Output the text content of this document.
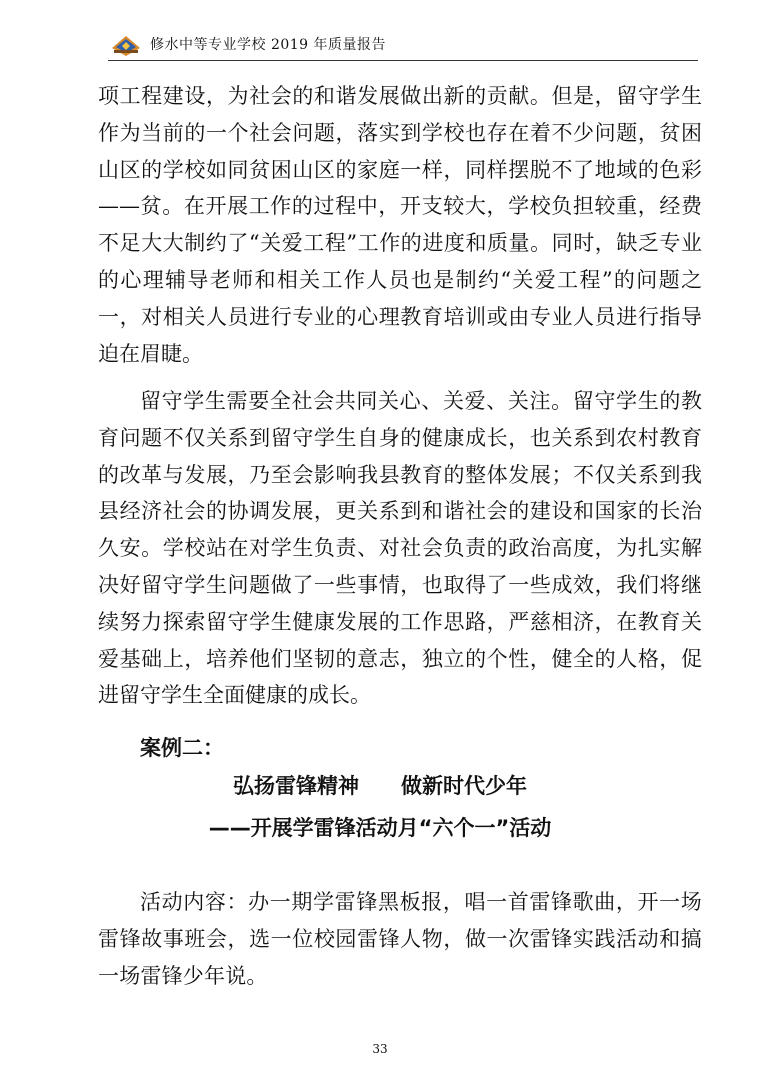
修水中等专业学校 2019 年质量报告

项工程建设，为社会的和谐发展做出新的贡献。但是，留守学生作为当前的一个社会问题，落实到学校也存在着不少问题，贫困山区的学校如同贫困山区的家庭一样，同样摆脱不了地域的色彩——贫。在开展工作的过程中，开支较大，学校负担较重，经费不足大大制约了“关爱工程”工作的进度和质量。同时，缺乏专业的心理辅导老师和相关工作人员也是制约“关爱工程”的问题之一，对相关人员进行专业的心理教育培训或由专业人员进行指导迫在眉睫。

留守学生需要全社会共同关心、关爱、关注。留守学生的教育问题不仅关系到留守学生自身的健康成长，也关系到农村教育的改革与发展，乃至会影响我县教育的整体发展；不仅关系到我县经济社会的协调发展，更关系到和谐社会的建设和国家的长治久安。学校站在对学生负责、对社会负责的政治高度，为扎实解决好留守学生问题做了一些事情，也取得了一些成效，我们将继续努力探索留守学生健康发展的工作思路，严慈相济，在教育关爱基础上，培养他们坚韧的意志，独立的个性，健全的人格，促进留守学生全面健康的成长。

案例二：
弘扬雷锋精神　　做新时代少年
——开展学雷锋活动月“六个一”活动

活动内容：办一期学雷锋黑板报，唱一首雷锋歌曲，开一场雷锋故事班会，选一位校园雷锋人物，做一次雷锋实践活动和搞一场雷锋少年说。

33
